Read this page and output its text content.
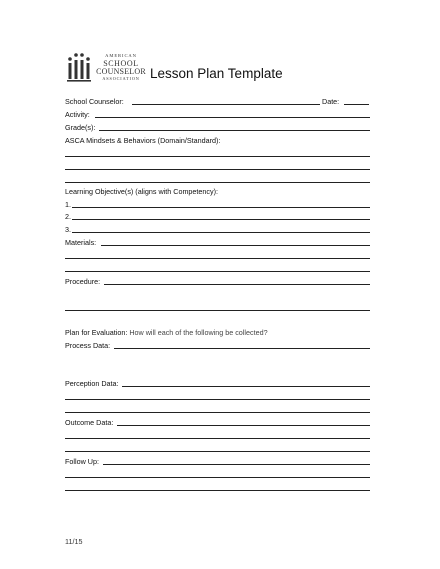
AMERICAN
SCHOOL
COUNSELOR
ASSOCIATION Lesson Plan Template
School Counselor:	Date:
Activity:
Grade(s):
ASCA Mindsets & Behaviors (Domain/Standard):
Learning Objective(s) (aligns with Competency):
1.
2.
3.
Materials:
Procedure:
Plan for Evaluation: How will each of the following be collected?
Process Data:
Perception Data:
Outcome Data:
Follow Up:
11/15
